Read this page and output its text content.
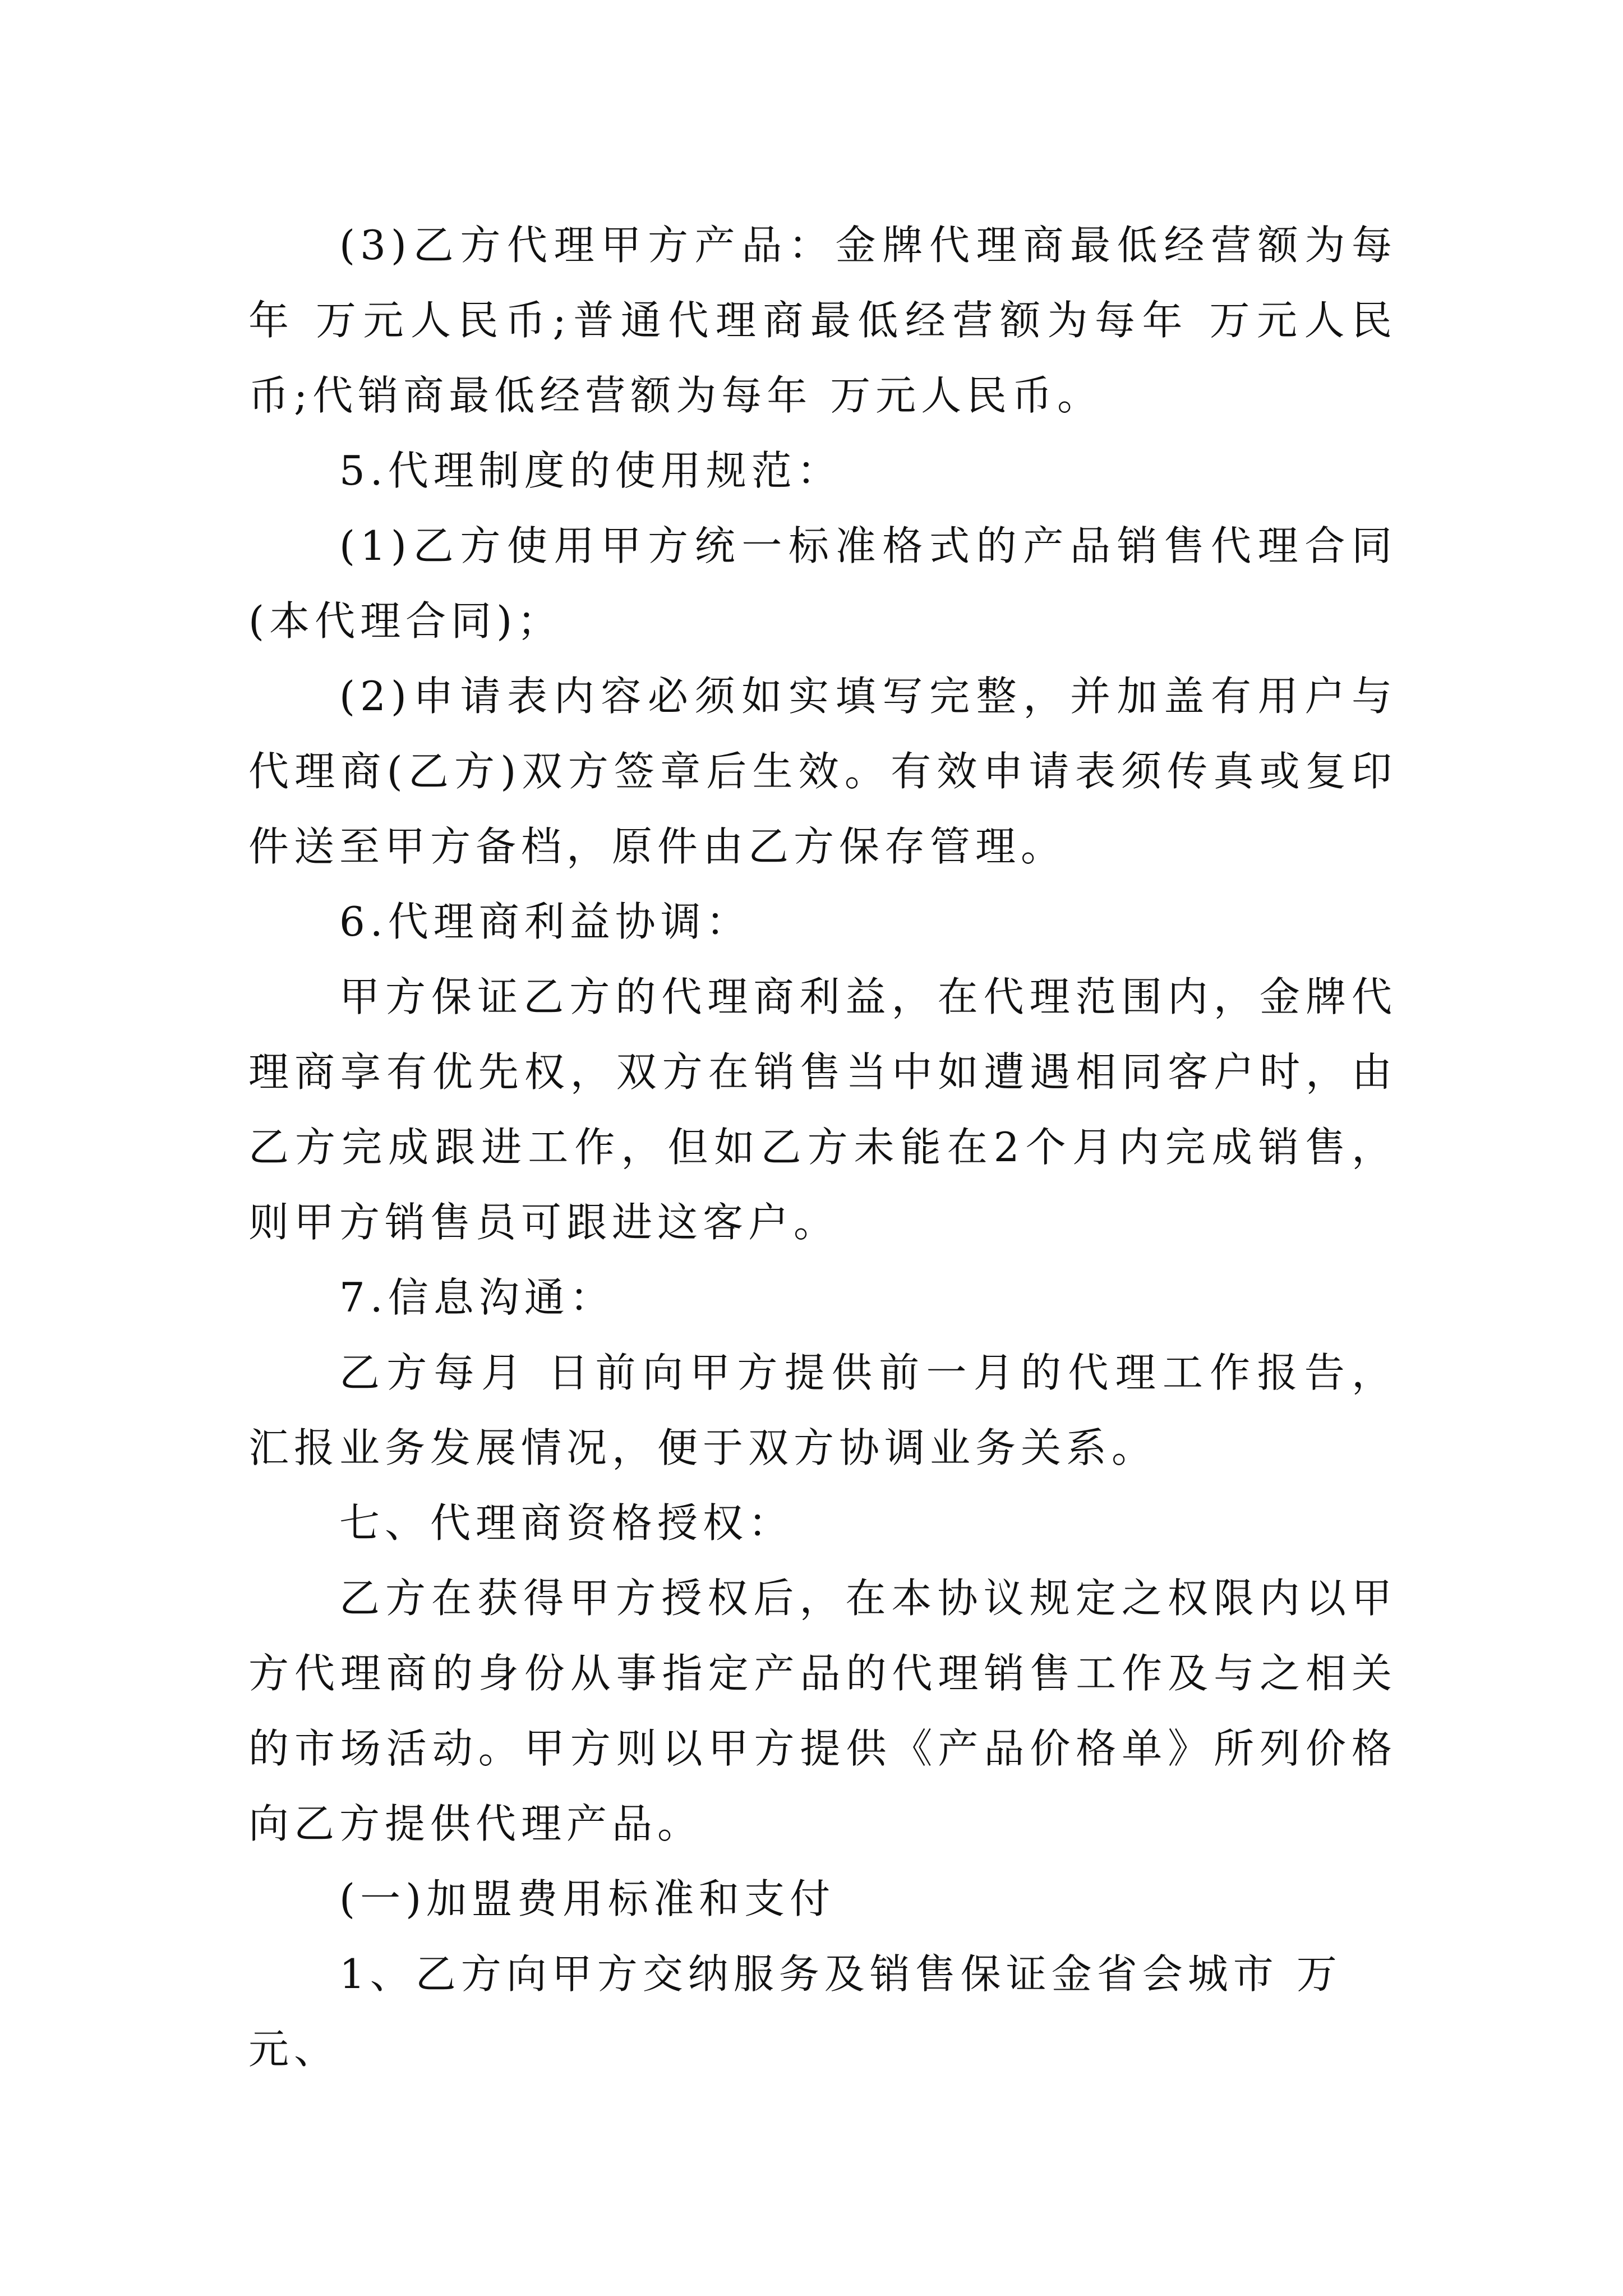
(3)乙方代理甲方产品：金牌代理商最低经营额为每年 万元人民币;普通代理商最低经营额为每年 万元人民币;代销商最低经营额为每年 万元人民币。

5.代理制度的使用规范：

(1)乙方使用甲方统一标准格式的产品销售代理合同(本代理合同)；

(2)申请表内容必须如实填写完整，并加盖有用户与代理商(乙方)双方签章后生效。有效申请表须传真或复印件送至甲方备档，原件由乙方保存管理。

6.代理商利益协调：

甲方保证乙方的代理商利益，在代理范围内，金牌代理商享有优先权，双方在销售当中如遭遇相同客户时，由乙方完成跟进工作，但如乙方未能在2个月内完成销售，则甲方销售员可跟进这客户。

7.信息沟通：

乙方每月 日前向甲方提供前一月的代理工作报告，汇报业务发展情况，便于双方协调业务关系。

七、代理商资格授权：

乙方在获得甲方授权后，在本协议规定之权限内以甲方代理商的身份从事指定产品的代理销售工作及与之相关的市场活动。甲方则以甲方提供《产品价格单》所列价格向乙方提供代理产品。

(一)加盟费用标准和支付

1、乙方向甲方交纳服务及销售保证金省会城市 万元、
